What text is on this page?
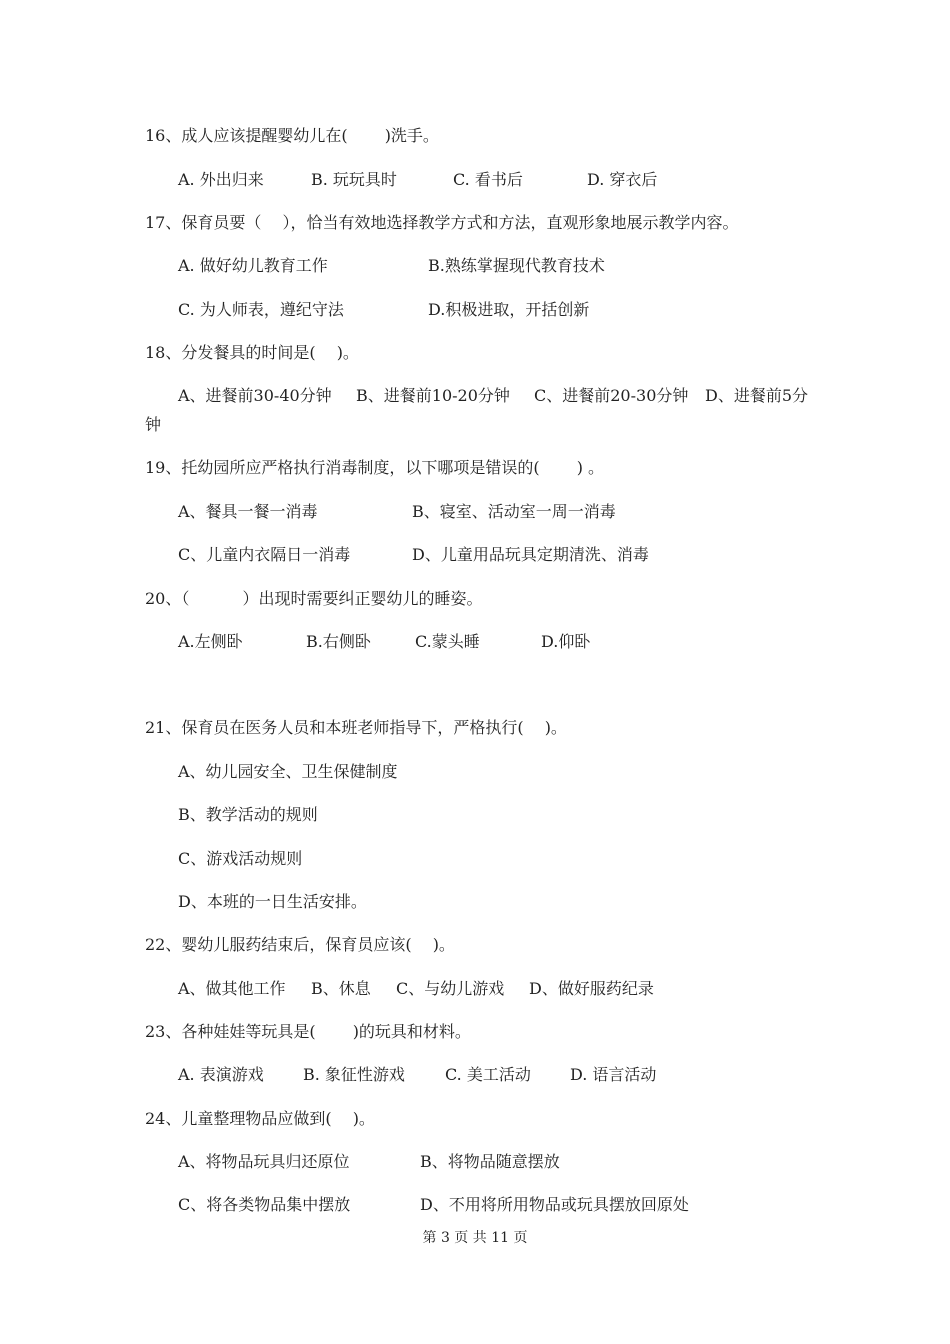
16、成人应该提醒婴幼儿在(　 　)洗手。
A. 外出归来	B. 玩玩具时	C. 看书后	D. 穿衣后
17、保育员要（　 ），恰当有效地选择教学方式和方法，直观形象地展示教学内容。
A. 做好幼儿教育工作	B.熟练掌握现代教育技术
C. 为人师表，遵纪守法	D.积极进取，开括创新
18、分发餐具的时间是(　 )。
A、进餐前30-40分钟 B、进餐前10-20分钟 C、进餐前20-30分钟 D、进餐前5分
钟
19、托幼园所应严格执行消毒制度，以下哪项是错误的(　　 ) 。
A、餐具一餐一消毒	B、寝室、活动室一周一消毒
C、儿童内衣隔日一消毒	D、儿童用品玩具定期清洗、消毒
20、（　　　 ）出现时需要纠正婴幼儿的睡姿。
A.左侧卧	B.右侧卧	C.蒙头睡	D.仰卧
21、保育员在医务人员和本班老师指导下，严格执行(　 )。
A、幼儿园安全、卫生保健制度
B、教学活动的规则
C、游戏活动规则
D、本班的一日生活安排。
22、婴幼儿服药结束后，保育员应该(　 )。
A、做其他工作 B、休息 C、与幼儿游戏 D、做好服药纪录
23、各种娃娃等玩具是(　 　)的玩具和材料。
A. 表演游戏 B. 象征性游戏	C. 美工活动 D. 语言活动
24、儿童整理物品应做到(　 )。
A、将物品玩具归还原位	B、将物品随意摆放
C、将各类物品集中摆放	D、不用将所用物品或玩具摆放回原处
第 3 页 共 11 页
